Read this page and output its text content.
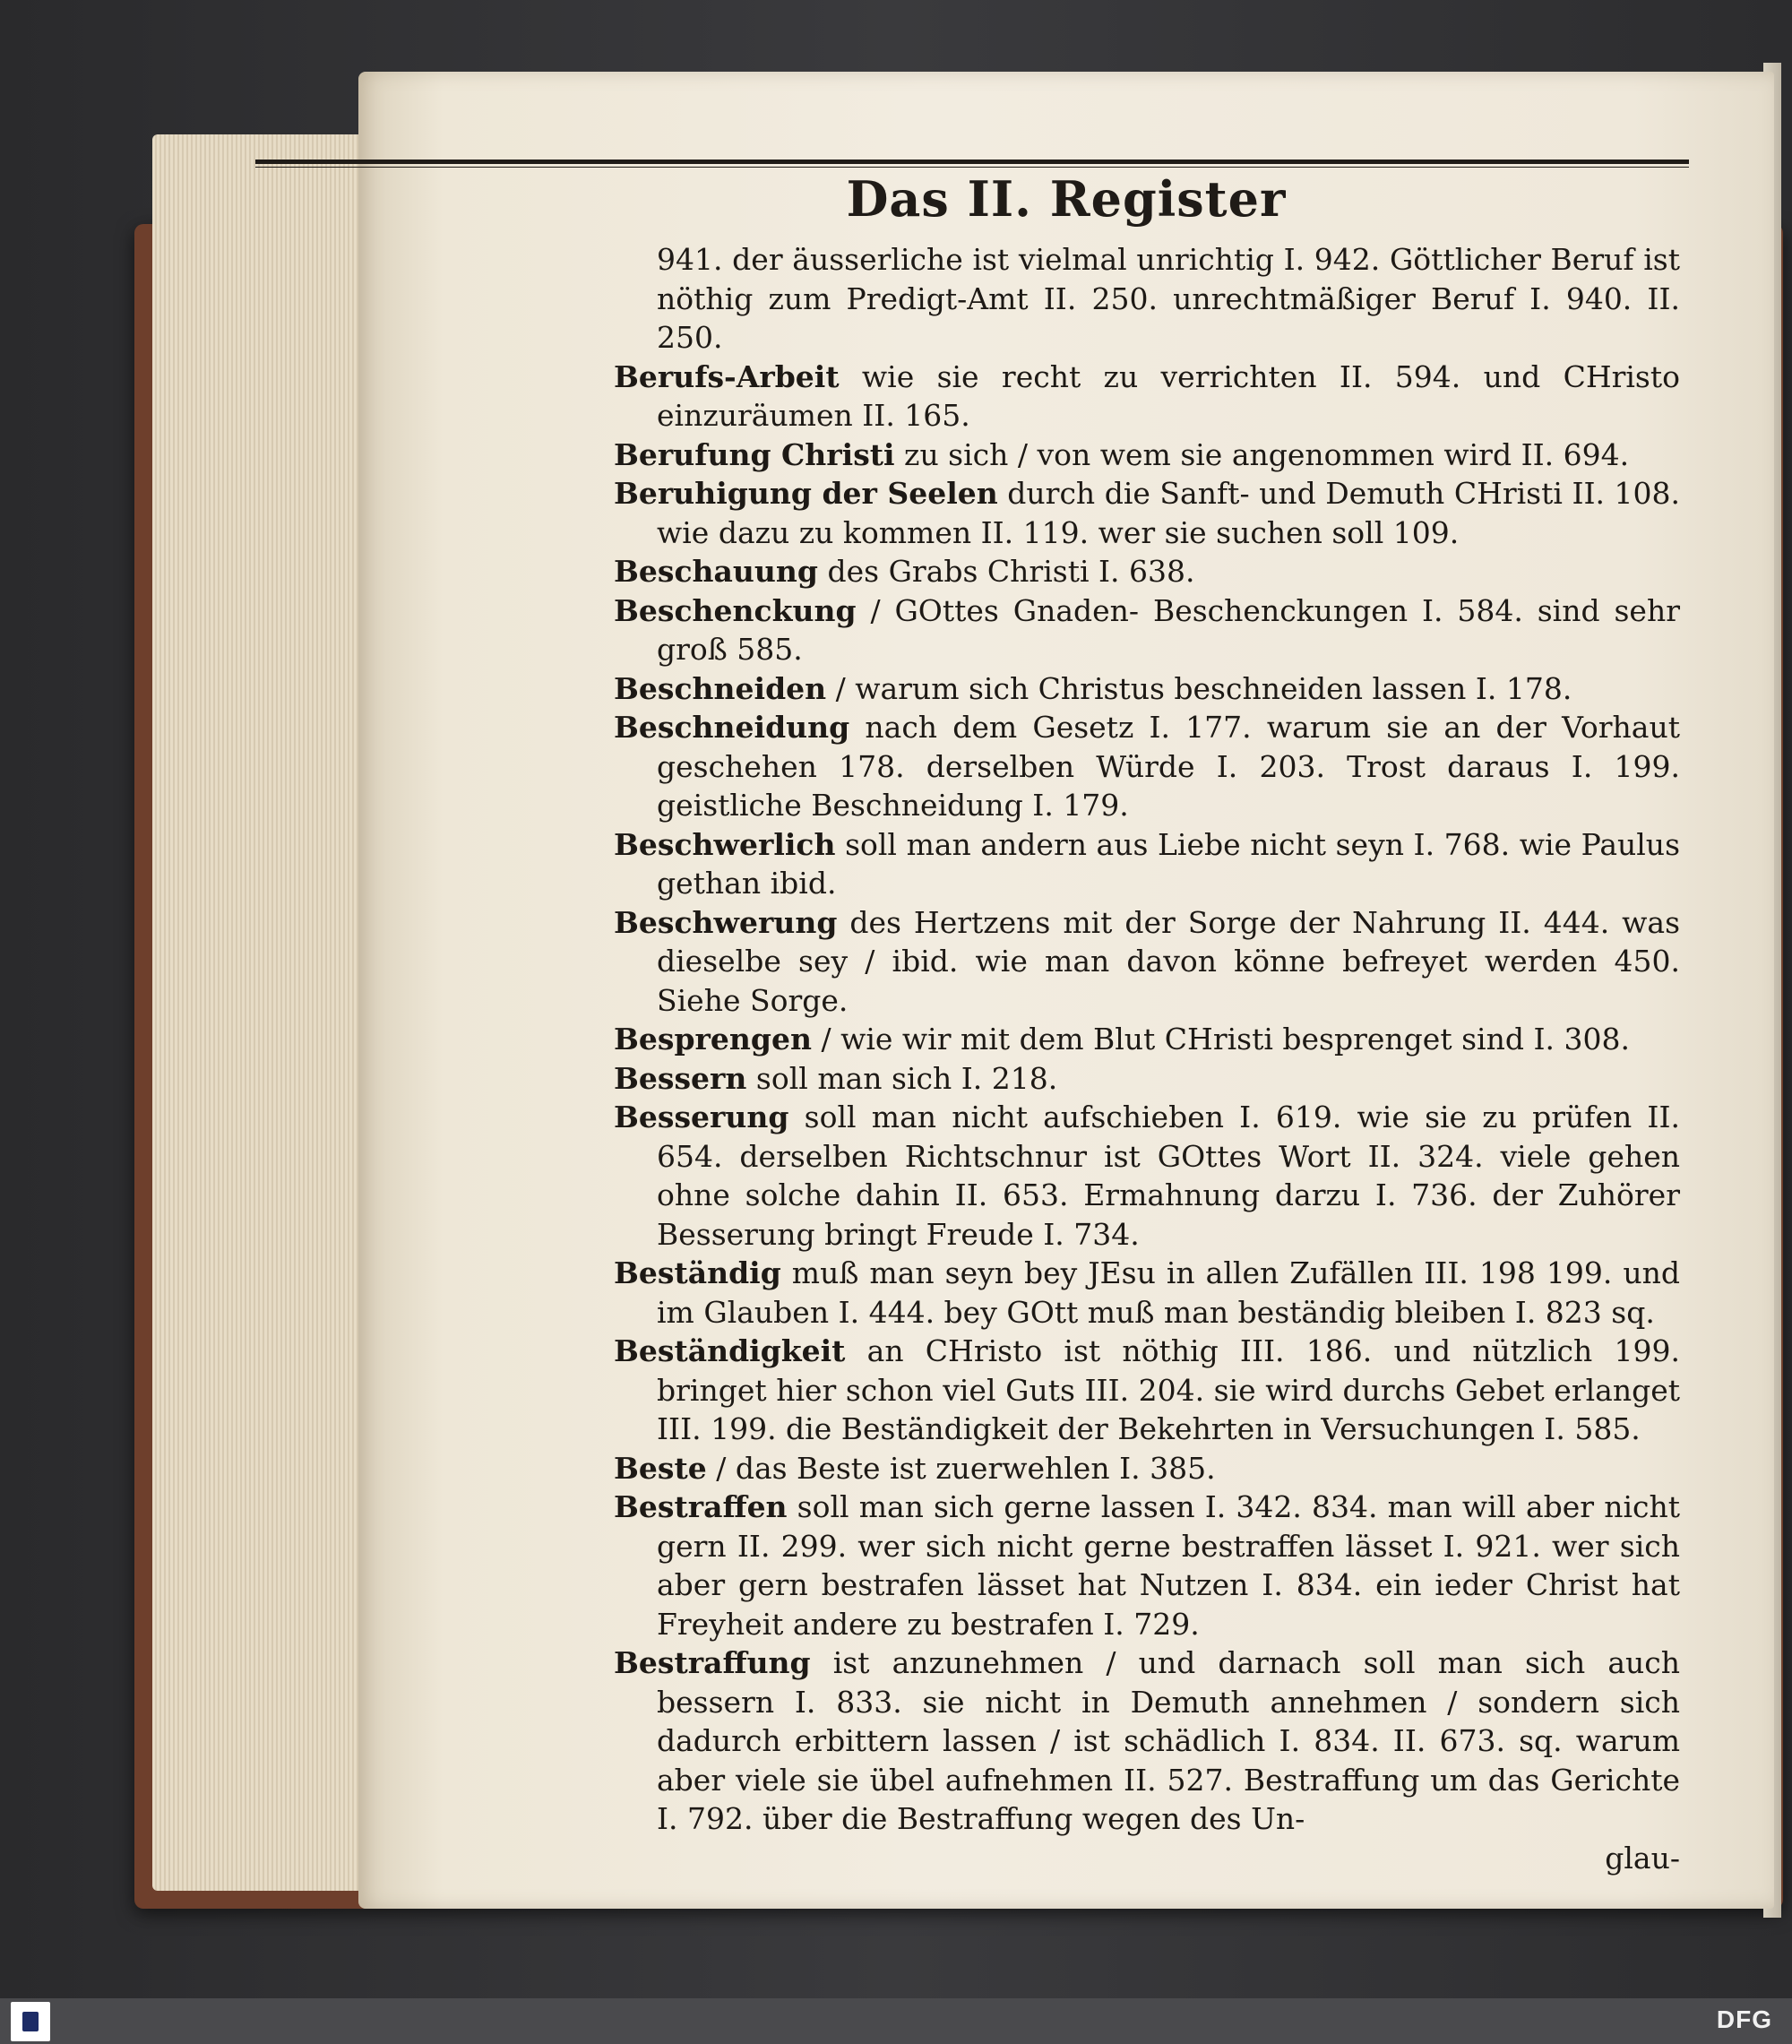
Das II. Register

941. der äusserliche ist vielmal unrichtig I. 942. Göttlicher Beruf ist nöthig zum Predigt-Amt II. 250. unrechtmäßiger Beruf I. 940. II. 250.

Berufs-Arbeit wie sie recht zu verrichten II. 594. und CHristo einzuräumen II. 165.

Berufung Christi zu sich / von wem sie angenommen wird II. 694.

Beruhigung der Seelen durch die Sanft- und Demuth CHristi II. 108. wie dazu zu kommen II. 119. wer sie suchen soll 109.

Beschauung des Grabs Christi I. 638.

Beschenckung / GOttes Gnaden- Beschenckungen I. 584. sind sehr groß 585.

Beschneiden / warum sich Christus beschneiden lassen I. 178.

Beschneidung nach dem Gesetz I. 177. warum sie an der Vorhaut geschehen 178. derselben Würde I. 203. Trost daraus I. 199. geistliche Beschneidung I. 179.

Beschwerlich soll man andern aus Liebe nicht seyn I. 768. wie Paulus gethan ibid.

Beschwerung des Hertzens mit der Sorge der Nahrung II. 444. was dieselbe sey / ibid. wie man davon könne befreyet werden 450. Siehe Sorge.

Besprengen / wie wir mit dem Blut CHristi besprenget sind I. 308.

Bessern soll man sich I. 218.

Besserung soll man nicht aufschieben I. 619. wie sie zu prüfen II. 654. derselben Richtschnur ist GOttes Wort II. 324. viele gehen ohne solche dahin II. 653. Ermahnung darzu I. 736. der Zuhörer Besserung bringt Freude I. 734.

Beständig muß man seyn bey JEsu in allen Zufällen III. 198 199. und im Glauben I. 444. bey GOtt muß man beständig bleiben I. 823 sq.

Beständigkeit an CHristo ist nöthig III. 186. und nützlich 199. bringet hier schon viel Guts III. 204. sie wird durchs Gebet erlanget III. 199. die Beständigkeit der Bekehrten in Versuchungen I. 585.

Beste / das Beste ist zuerwehlen I. 385.

Bestraffen soll man sich gerne lassen I. 342. 834. man will aber nicht gern II. 299. wer sich nicht gerne bestraffen lässet I. 921. wer sich aber gern bestrafen lässet hat Nutzen I. 834. ein ieder Christ hat Freyheit andere zu bestrafen I. 729.

Bestraffung ist anzunehmen / und darnach soll man sich auch bessern I. 833. sie nicht in Demuth annehmen / sondern sich dadurch erbittern lassen / ist schädlich I. 834. II. 673. sq. warum aber viele sie übel aufnehmen II. 527. Bestraffung um das Gerichte I. 792. über die Bestraffung wegen des Un-

glau-
DFG
